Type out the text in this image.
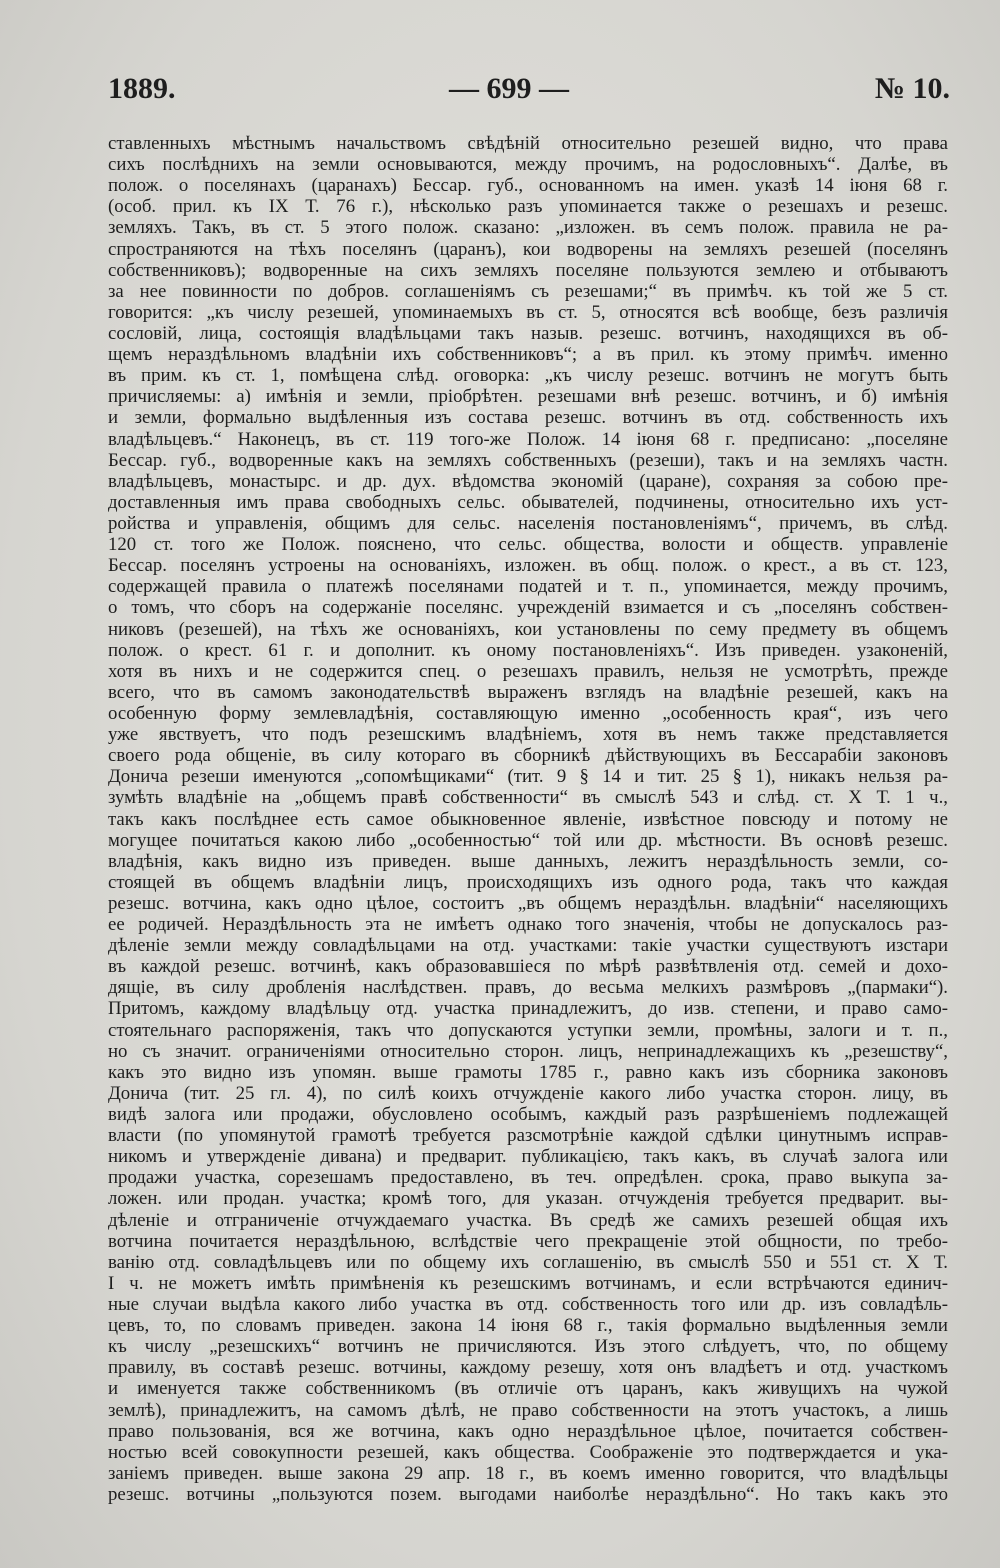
1889.	— 699 —	№ 10.
ставленныхъ мѣстнымъ начальствомъ свѣдѣній относительно резешей видно, что права
сихъ послѣднихъ на земли основываются, между прочимъ, на родословныхъ“. Далѣе, въ
полож. о поселянахъ (царанахъ) Бессар. губ., основанномъ на имен. указѣ 14 іюня 68 г.
(особ. прил. къ IX Т. 76 г.), нѣсколько разъ упоминается также о резешахъ и резешс.
земляхъ. Такъ, въ ст. 5 этого полож. сказано: „изложен. въ семъ полож. правила не ра-
спространяются на тѣхъ поселянъ (царанъ), кои водворены на земляхъ резешей (поселянъ
собственниковъ); водворенные на сихъ земляхъ поселяне пользуются землею и отбываютъ
за нее повинности по добров. соглашеніямъ съ резешами;“ въ примѣч. къ той же 5 ст.
говорится: „къ числу резешей, упоминаемыхъ въ ст. 5, относятся всѣ вообще, безъ различія
сословій, лица, состоящія владѣльцами такъ назыв. резешс. вотчинъ, находящихся въ об-
щемъ нераздѣльномъ владѣніи ихъ собственниковъ“; а въ прил. къ этому примѣч. именно
въ прим. къ ст. 1, помѣщена слѣд. оговорка: „къ числу резешс. вотчинъ не могутъ быть
причисляемы: а) имѣнія и земли, пріобрѣтен. резешами внѣ резешс. вотчинъ, и б) имѣнія
и земли, формально выдѣленныя изъ состава резешс. вотчинъ въ отд. собственность ихъ
владѣльцевъ.“ Наконецъ, въ ст. 119 того-же Полож. 14 іюня 68 г. предписано: „поселяне
Бессар. губ., водворенные какъ на земляхъ собственныхъ (резеши), такъ и на земляхъ частн.
владѣльцевъ, монастырс. и др. дух. вѣдомства экономій (царане), сохраняя за собою пре-
доставленныя имъ права свободныхъ сельс. обывателей, подчинены, относительно ихъ уст-
ройства и управленія, общимъ для сельс. населенія постановленіямъ“, причемъ, въ слѣд.
120 ст. того же Полож. пояснено, что сельс. общества, волости и обществ. управленіе
Бессар. поселянъ устроены на основаніяхъ, изложен. въ общ. полож. о крест., а въ ст. 123,
содержащей правила о платежѣ поселянами податей и т. п., упоминается, между прочимъ,
о томъ, что сборъ на содержаніе поселянс. учрежденій взимается и съ „поселянъ собствен-
никовъ (резешей), на тѣхъ же основаніяхъ, кои установлены по сему предмету въ общемъ
полож. о крест. 61 г. и дополнит. къ оному постановленіяхъ“. Изъ приведен. узаконеній,
хотя въ нихъ и не содержится спец. о резешахъ правилъ, нельзя не усмотрѣть, прежде
всего, что въ самомъ законодательствѣ выраженъ взглядъ на владѣніе резешей, какъ на
особенную форму землевладѣнія, составляющую именно „особенность края“, изъ чего
уже явствуетъ, что подъ резешскимъ владѣніемъ, хотя въ немъ также представляется
своего рода общеніе, въ силу котораго въ сборникѣ дѣйствующихъ въ Бессарабіи законовъ
Донича резеши именуются „сопомѣщиками“ (тит. 9 § 14 и тит. 25 § 1), никакъ нельзя ра-
зумѣть владѣніе на „общемъ правѣ собственности“ въ смыслѣ 543 и слѣд. ст. X Т. 1 ч.,
такъ какъ послѣднее есть самое обыкновенное явленіе, извѣстное повсюду и потому не
могущее почитаться какою либо „особенностью“ той или др. мѣстности. Въ основѣ резешс.
владѣнія, какъ видно изъ приведен. выше данныхъ, лежитъ нераздѣльность земли, со-
стоящей въ общемъ владѣніи лицъ, происходящихъ изъ одного рода, такъ что каждая
резешс. вотчина, какъ одно цѣлое, состоитъ „въ общемъ нераздѣльн. владѣніи“ населяющихъ
ее родичей. Нераздѣльность эта не имѣетъ однако того значенія, чтобы не допускалось раз-
дѣленіе земли между совладѣльцами на отд. участками: такіе участки существуютъ изстари
въ каждой резешс. вотчинѣ, какъ образовавшіеся по мѣрѣ развѣтвленія отд. семей и дохо-
дящіе, въ силу дробленія наслѣдствен. правъ, до весьма мелкихъ размѣровъ „(пармаки“).
Притомъ, каждому владѣльцу отд. участка принадлежитъ, до изв. степени, и право само-
стоятельнаго распоряженія, такъ что допускаются уступки земли, промѣны, залоги и т. п.,
но съ значит. ограниченіями относительно сторон. лицъ, непринадлежащихъ къ „резешству“,
какъ это видно изъ упомян. выше грамоты 1785 г., равно какъ изъ сборника законовъ
Донича (тит. 25 гл. 4), по силѣ коихъ отчужденіе какого либо участка сторон. лицу, въ
видѣ залога или продажи, обусловлено особымъ, каждый разъ разрѣшеніемъ подлежащей
власти (по упомянутой грамотѣ требуется разсмотрѣніе каждой сдѣлки цинутнымъ исправ-
никомъ и утвержденіе дивана) и предварит. публикацією, такъ какъ, въ случаѣ залога или
продажи участка, сорезешамъ предоставлено, въ теч. опредѣлен. срока, право выкупа за-
ложен. или продан. участка; кромѣ того, для указан. отчужденія требуется предварит. вы-
дѣленіе и отграниченіе отчуждаемаго участка. Въ средѣ же самихъ резешей общая ихъ
вотчина почитается нераздѣльною, вслѣдствіе чего прекращеніе этой общности, по требо-
ванію отд. совладѣльцевъ или по общему ихъ соглашенію, въ смыслѣ 550 и 551 ст. X Т.
I ч. не можетъ имѣть примѣненія къ резешскимъ вотчинамъ, и если встрѣчаются единич-
ные случаи выдѣла какого либо участка въ отд. собственность того или др. изъ совладѣль-
цевъ, то, по словамъ приведен. закона 14 іюня 68 г., такія формально выдѣленныя земли
къ числу „резешскихъ“ вотчинъ не причисляются. Изъ этого слѣдуетъ, что, по общему
правилу, въ составѣ резешс. вотчины, каждому резешу, хотя онъ владѣетъ и отд. участкомъ
и именуется также собственникомъ (въ отличіе отъ царанъ, какъ живущихъ на чужой
землѣ), принадлежитъ, на самомъ дѣлѣ, не право собственности на этотъ участокъ, а лишь
право пользованія, вся же вотчина, какъ одно нераздѣльное цѣлое, почитается собствен-
ностью всей совокупности резешей, какъ общества. Соображеніе это подтверждается и ука-
заніемъ приведен. выше закона 29 апр. 18 г., въ коемъ именно говорится, что владѣльцы
резешс. вотчины „пользуются позем. выгодами наиболѣе нераздѣльно“. Но такъ какъ это
